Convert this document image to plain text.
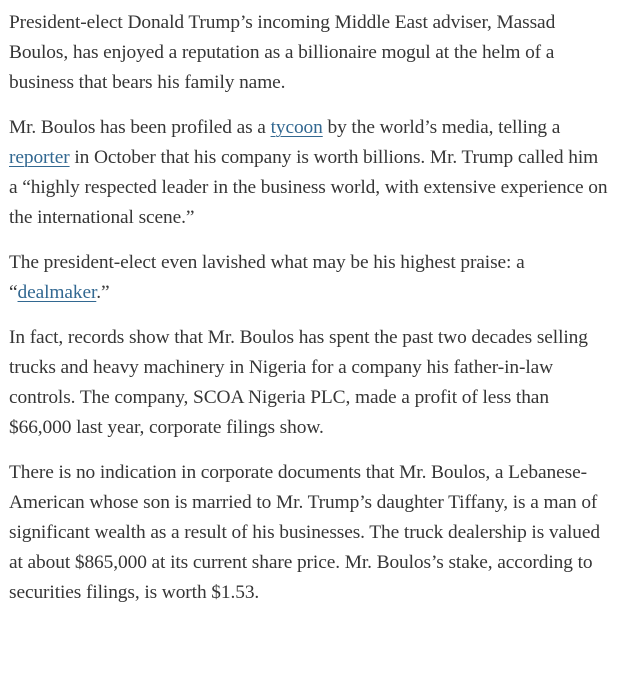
President-elect Donald Trump’s incoming Middle East adviser, Massad Boulos, has enjoyed a reputation as a billionaire mogul at the helm of a business that bears his family name.

Mr. Boulos has been profiled as a tycoon by the world’s media, telling a reporter in October that his company is worth billions. Mr. Trump called him a “highly respected leader in the business world, with extensive experience on the international scene.”

The president-elect even lavished what may be his highest praise: a “dealmaker.”

In fact, records show that Mr. Boulos has spent the past two decades selling trucks and heavy machinery in Nigeria for a company his father-in-law controls. The company, SCOA Nigeria PLC, made a profit of less than $66,000 last year, corporate filings show.

There is no indication in corporate documents that Mr. Boulos, a Lebanese-American whose son is married to Mr. Trump’s daughter Tiffany, is a man of significant wealth as a result of his businesses. The truck dealership is valued at about $865,000 at its current share price. Mr. Boulos’s stake, according to securities filings, is worth $1.53.
